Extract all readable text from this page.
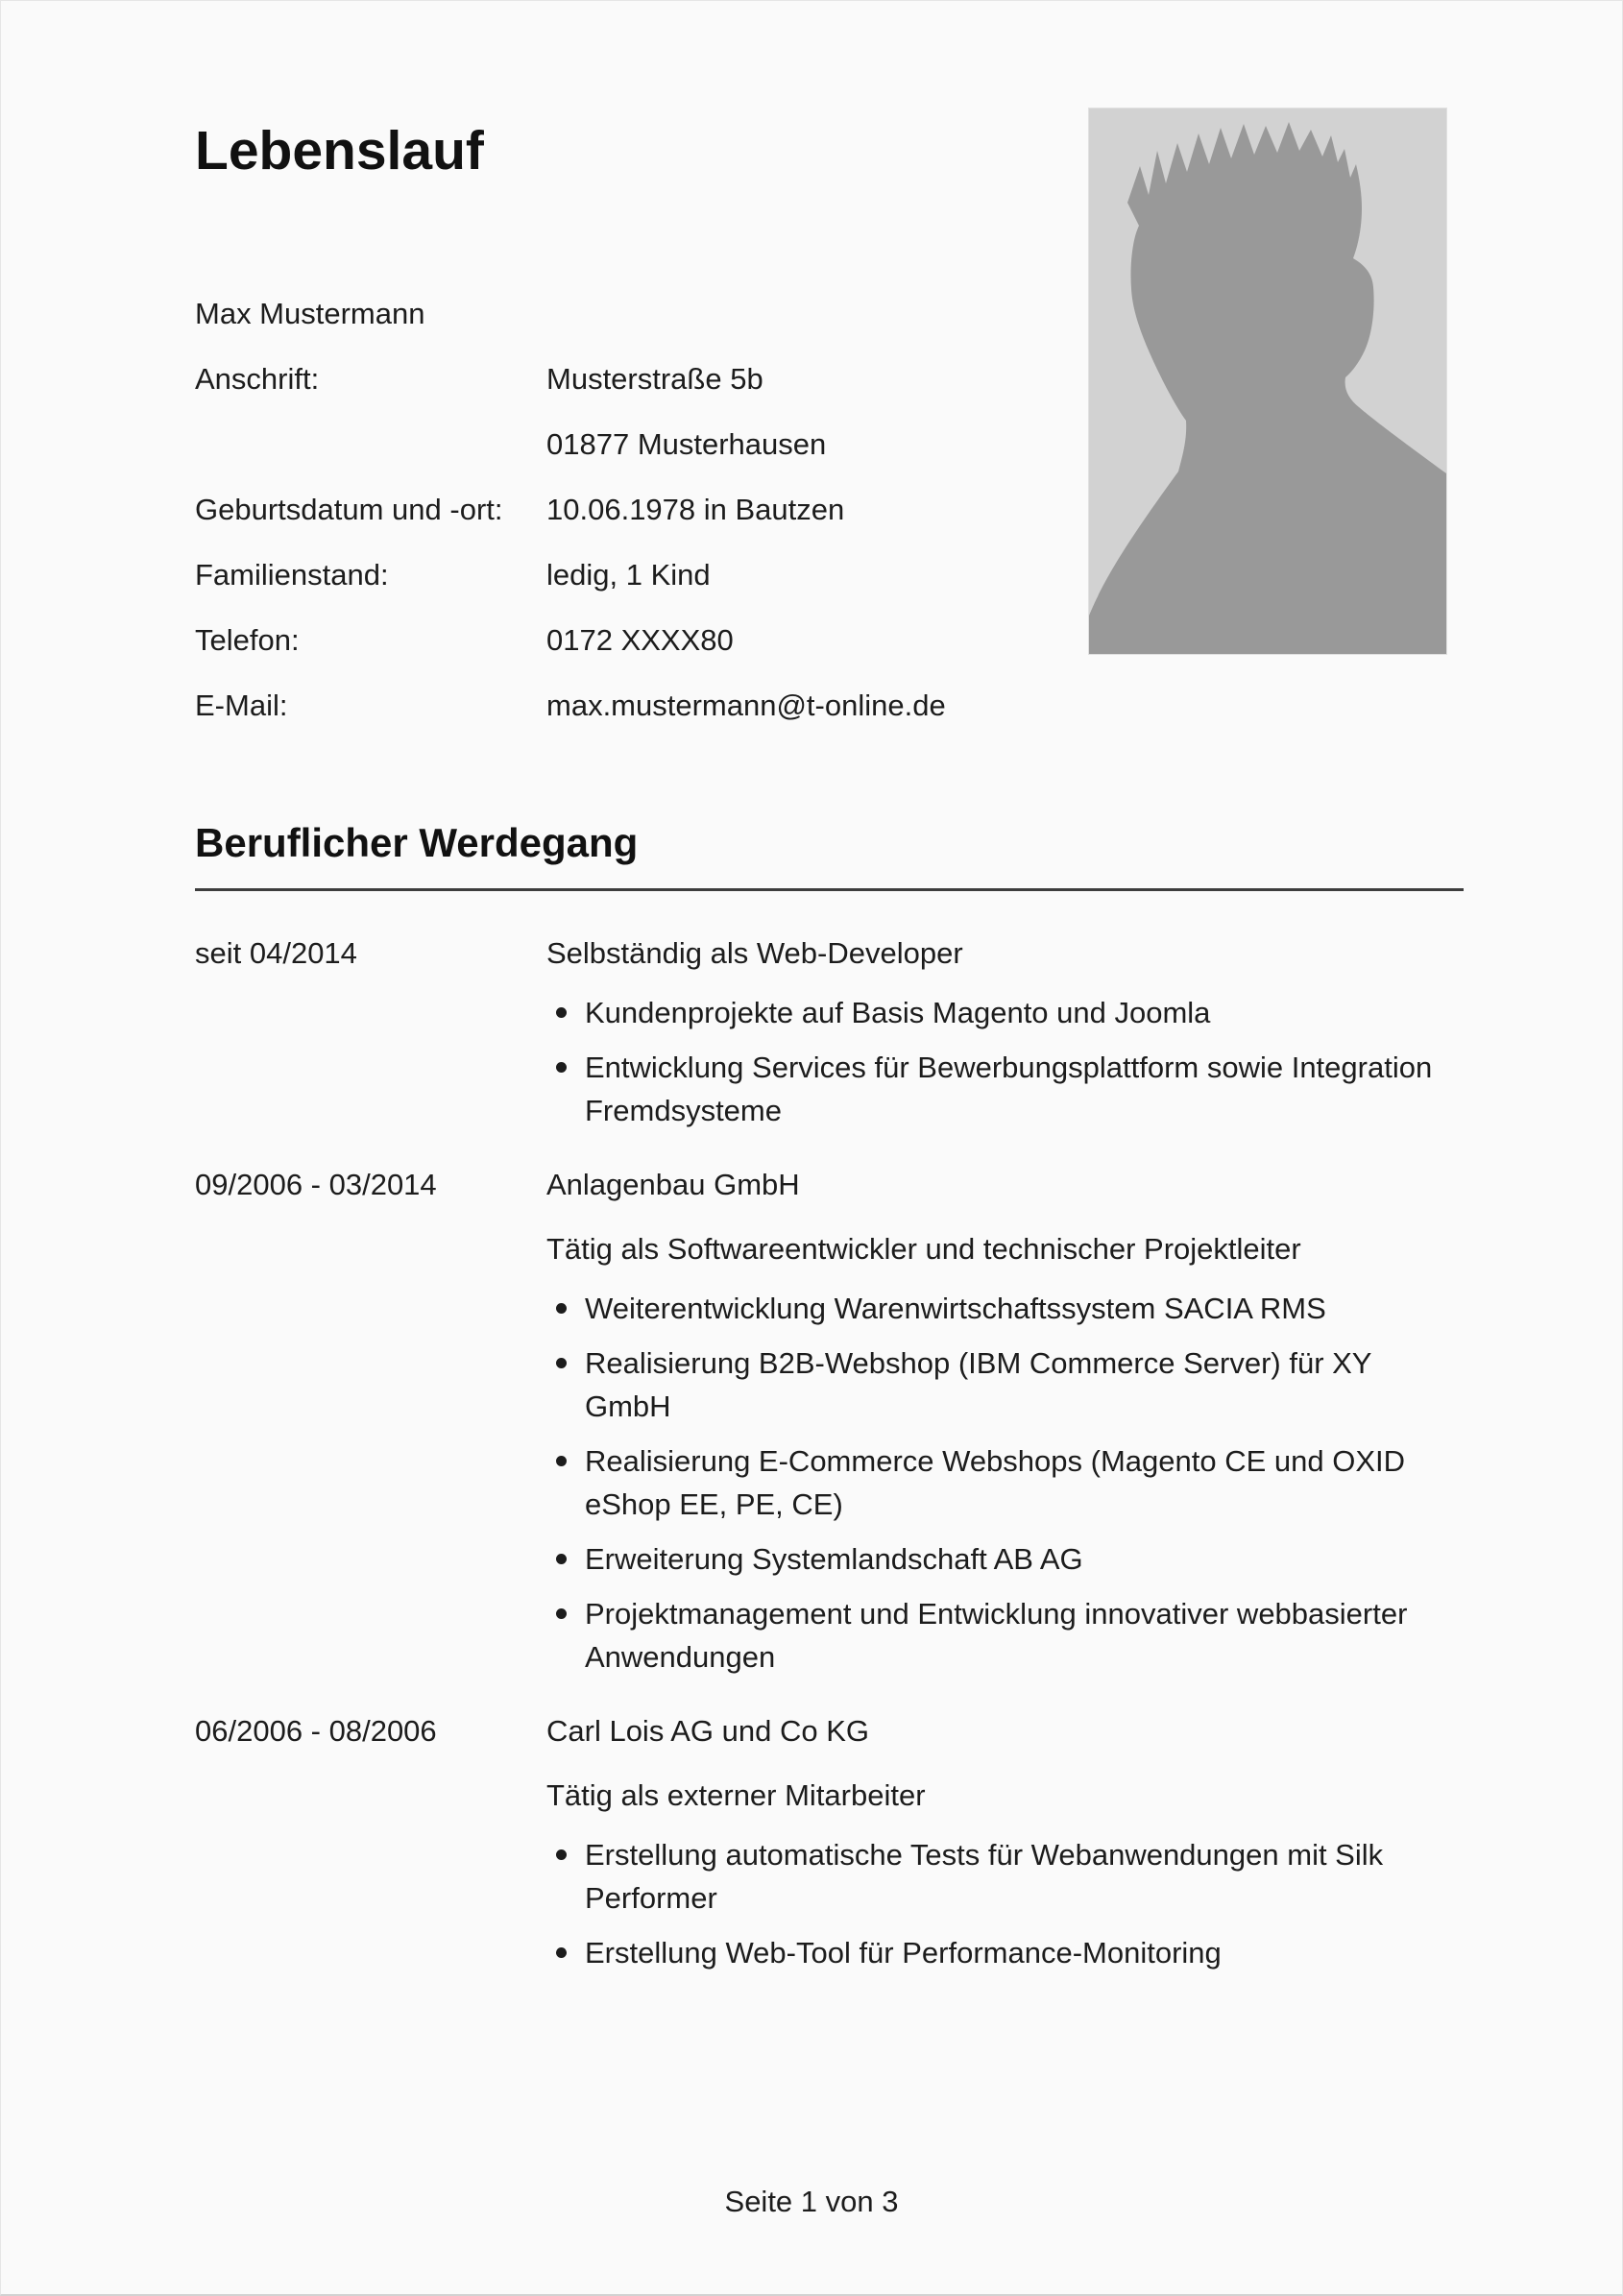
Lebenslauf
Max Mustermann
Anschrift:	Musterstraße 5b
01877 Musterhausen
Geburtsdatum und -ort:	10.06.1978 in Bautzen
Familienstand:	ledig, 1 Kind
Telefon:	0172 XXXX80
E-Mail:	max.mustermann@t-online.de
Beruflicher Werdegang
seit 04/2014	Selbständig als Web-Developer
Kundenprojekte auf Basis Magento und Joomla
Entwicklung Services für Bewerbungsplattform sowie Integration Fremdsysteme
09/2006 - 03/2014	Anlagenbau GmbH
Tätig als Softwareentwickler und technischer Projektleiter
Weiterentwicklung Warenwirtschaftssystem SACIA RMS
Realisierung B2B-Webshop (IBM Commerce Server) für XY GmbH
Realisierung E-Commerce Webshops (Magento CE und OXID eShop EE, PE, CE)
Erweiterung Systemlandschaft AB AG
Projektmanagement und Entwicklung innovativer webbasierter Anwendungen
06/2006 - 08/2006	Carl Lois AG und Co KG
Tätig als externer Mitarbeiter
Erstellung automatische Tests für Webanwendungen mit Silk Performer
Erstellung Web-Tool für Performance-Monitoring
Seite 1 von 3
